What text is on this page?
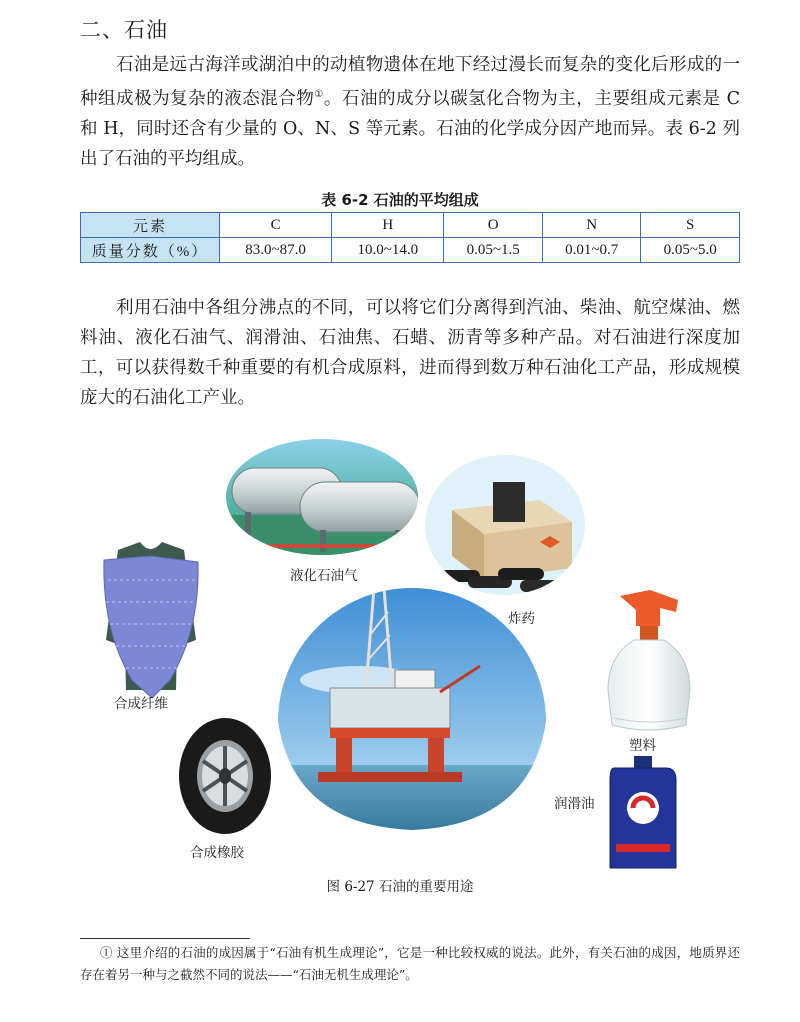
二、石油

石油是远古海洋或湖泊中的动植物遗体在地下经过漫长而复杂的变化后形成的一种组成极为复杂的液态混合物①。石油的成分以碳氢化合物为主，主要组成元素是 C 和 H，同时还含有少量的 O、N、S 等元素。石油的化学成分因产地而异。表 6-2 列出了石油的平均组成。

表 6-2 石油的平均组成
元素	C	H	O	N	S
质量分数（%）	83.0~87.0	10.0~14.0	0.05~1.5	0.01~0.7	0.05~5.0

利用石油中各组分沸点的不同，可以将它们分离得到汽油、柴油、航空煤油、燃料油、液化石油气、润滑油、石油焦、石蜡、沥青等多种产品。对石油进行深度加工，可以获得数千种重要的有机合成原料，进而得到数万种石油化工产品，形成规模庞大的石油化工产业。

液化石油气
炸药
合成纤维
塑料
润滑油
合成橡胶
图 6-27 石油的重要用途

① 这里介绍的石油的成因属于“石油有机生成理论”，它是一种比较权威的说法。此外，有关石油的成因，地质界还存在着另一种与之截然不同的说法——“石油无机生成理论”。
